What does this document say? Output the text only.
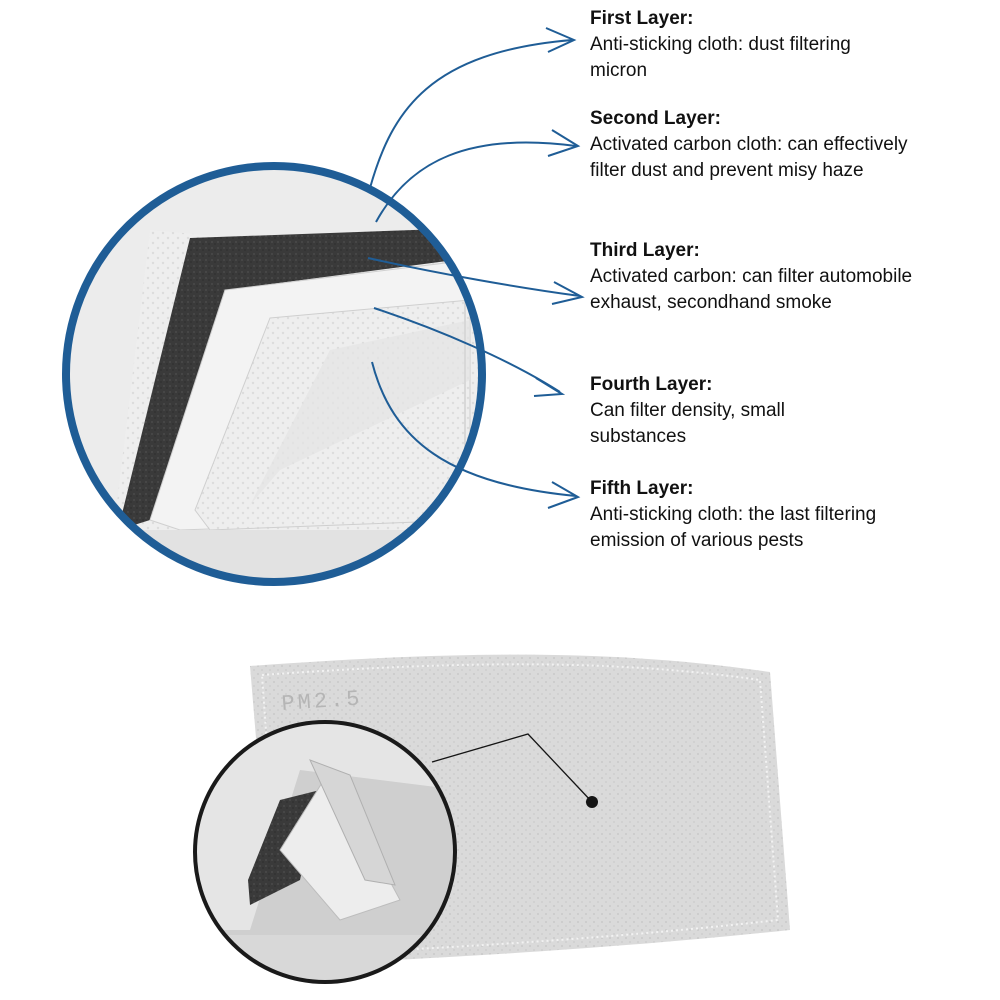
PM2.5
First Layer:
Anti-sticking cloth: dust filtering micron
Second Layer:
Activated carbon cloth: can effectively filter dust and prevent misy haze
Third Layer:
Activated carbon: can filter automobile exhaust, secondhand smoke
Fourth Layer:
Can filter density, small substances
Fifth Layer:
Anti-sticking cloth: the last filtering emission of various pests
